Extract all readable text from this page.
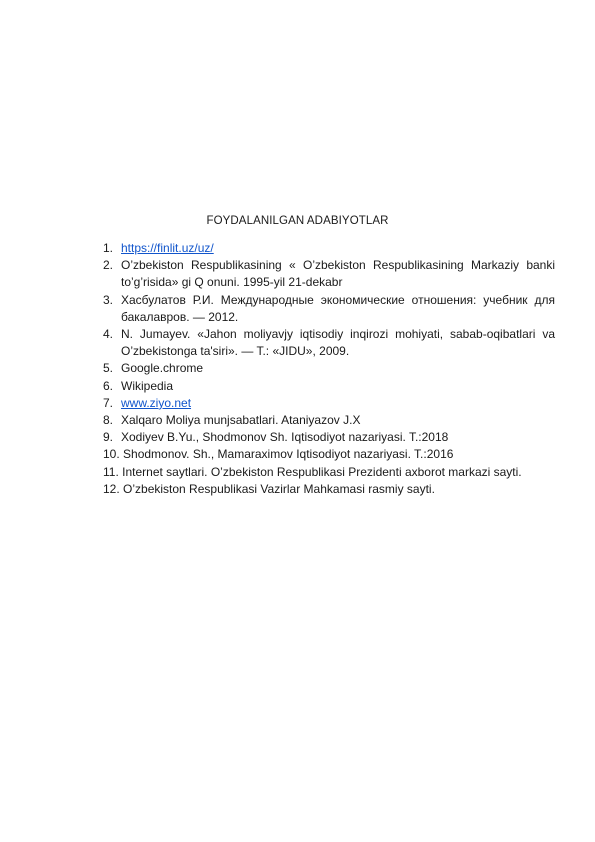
FOYDALANILGAN ADABIYOTLAR
1. https://finlit.uz/uz/
2. O’zbekiston Respublikasining « O’zbekiston Respublikasining Markaziy banki to’g’risida» gi Q onuni. 1995-yil 21-dekabr
3. Хасбулатов Р.И. Международные экономические отношения: учебник для бакалавров. — 2012.
4. N. Jumayev. «Jahon moliyavjy iqtisodiy inqirozi mohiyati, sabab-oqibatlari va O’zbekistonga ta'siri». — T.: «JIDU», 2009.
5. Google.chrome
6. Wikipedia
7. www.ziyo.net
8. Xalqaro Moliya munjsabatlari. Ataniyazov J.X
9. Xodiyev B.Yu., Shodmonov Sh. Iqtisodiyot nazariyasi. T.:2018
10. Shodmonov. Sh., Mamaraximov Iqtisodiyot nazariyasi. T.:2016
11. Internet saytlari. O’zbekiston Respublikasi Prezidenti axborot markazi sayti.
12. O’zbekiston Respublikasi Vazirlar Mahkamasi rasmiy sayti.
